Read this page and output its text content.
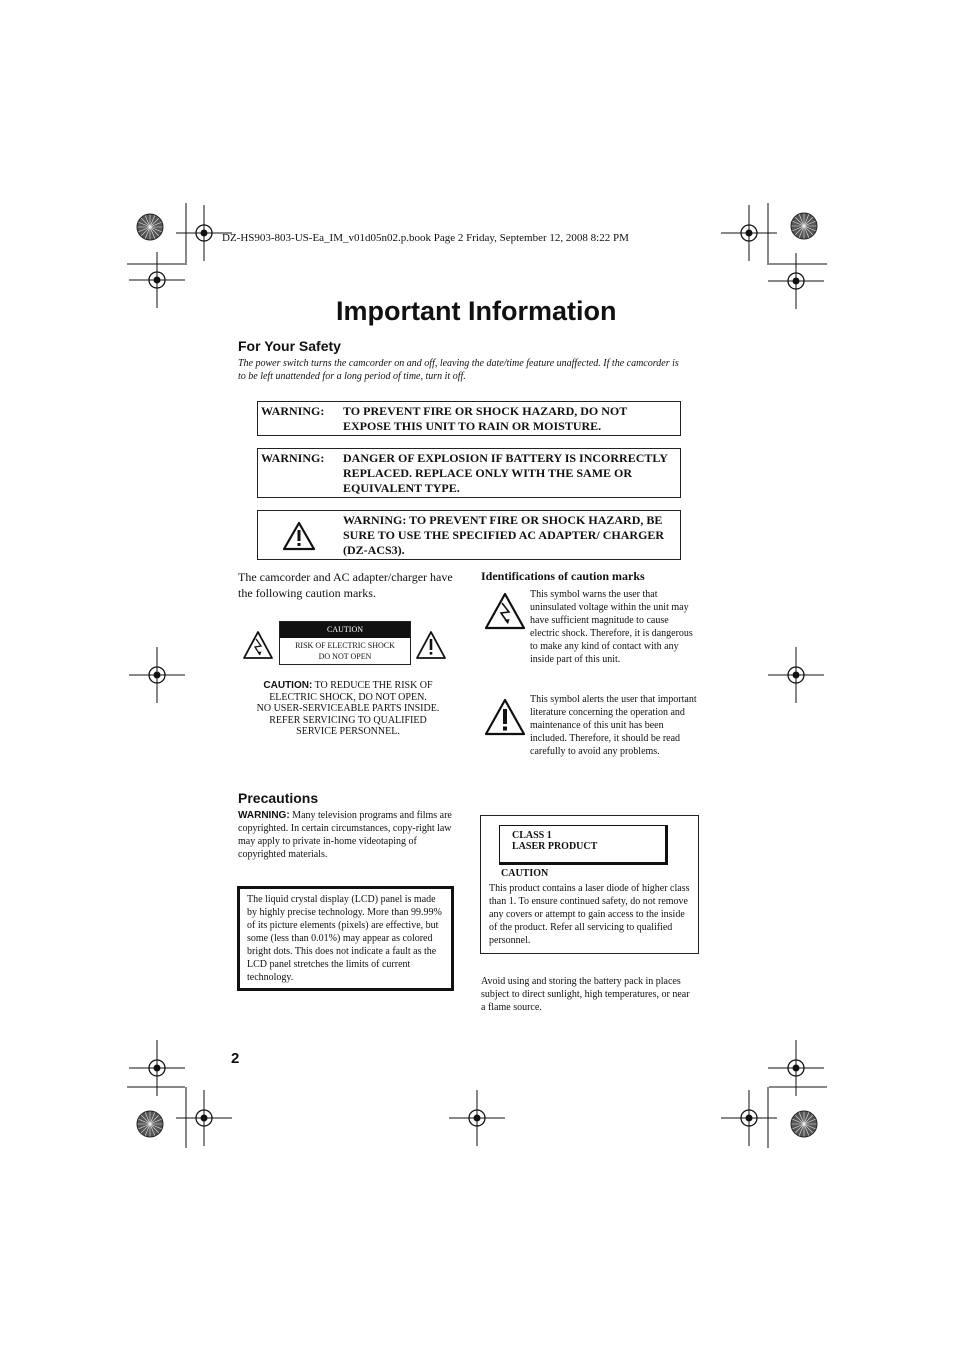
DZ-HS903-803-US-Ea_IM_v01d05n02.p.book Page 2 Friday, September 12, 2008 8:22 PM
Important Information
For Your Safety
The power switch turns the camcorder on and off, leaving the date/time feature unaffected. If the camcorder is to be left unattended for a long period of time, turn it off.
WARNING: TO PREVENT FIRE OR SHOCK HAZARD, DO NOT EXPOSE THIS UNIT TO RAIN OR MOISTURE.
WARNING: DANGER OF EXPLOSION IF BATTERY IS INCORRECTLY REPLACED. REPLACE ONLY WITH THE SAME OR EQUIVALENT TYPE.
WARNING: TO PREVENT FIRE OR SHOCK HAZARD, BE SURE TO USE THE SPECIFIED AC ADAPTER/ CHARGER (DZ-ACS3).
The camcorder and AC adapter/charger have the following caution marks.
CAUTION
RISK OF ELECTRIC SHOCK
DO NOT OPEN
CAUTION: TO REDUCE THE RISK OF
ELECTRIC SHOCK, DO NOT OPEN.
NO USER-SERVICEABLE PARTS INSIDE.
REFER SERVICING TO QUALIFIED
SERVICE PERSONNEL.
Identifications of caution marks
This symbol warns the user that uninsulated voltage within the unit may have sufficient magnitude to cause electric shock. Therefore, it is dangerous to make any kind of contact with any inside part of this unit.
This symbol alerts the user that important literature concerning the operation and maintenance of this unit has been included. Therefore, it should be read carefully to avoid any problems.
Precautions
WARNING: Many television programs and films are copyrighted. In certain circumstances, copy-right law may apply to private in-home videotaping of copyrighted materials.
The liquid crystal display (LCD) panel is made by highly precise technology. More than 99.99% of its picture elements (pixels) are effective, but some (less than 0.01%) may appear as colored bright dots. This does not indicate a fault as the LCD panel stretches the limits of current technology.
CLASS 1
LASER PRODUCT
CAUTION
This product contains a laser diode of higher class than 1. To ensure continued safety, do not remove any covers or attempt to gain access to the inside of the product. Refer all servicing to qualified personnel.
Avoid using and storing the battery pack in places subject to direct sunlight, high temperatures, or near a flame source.
2
